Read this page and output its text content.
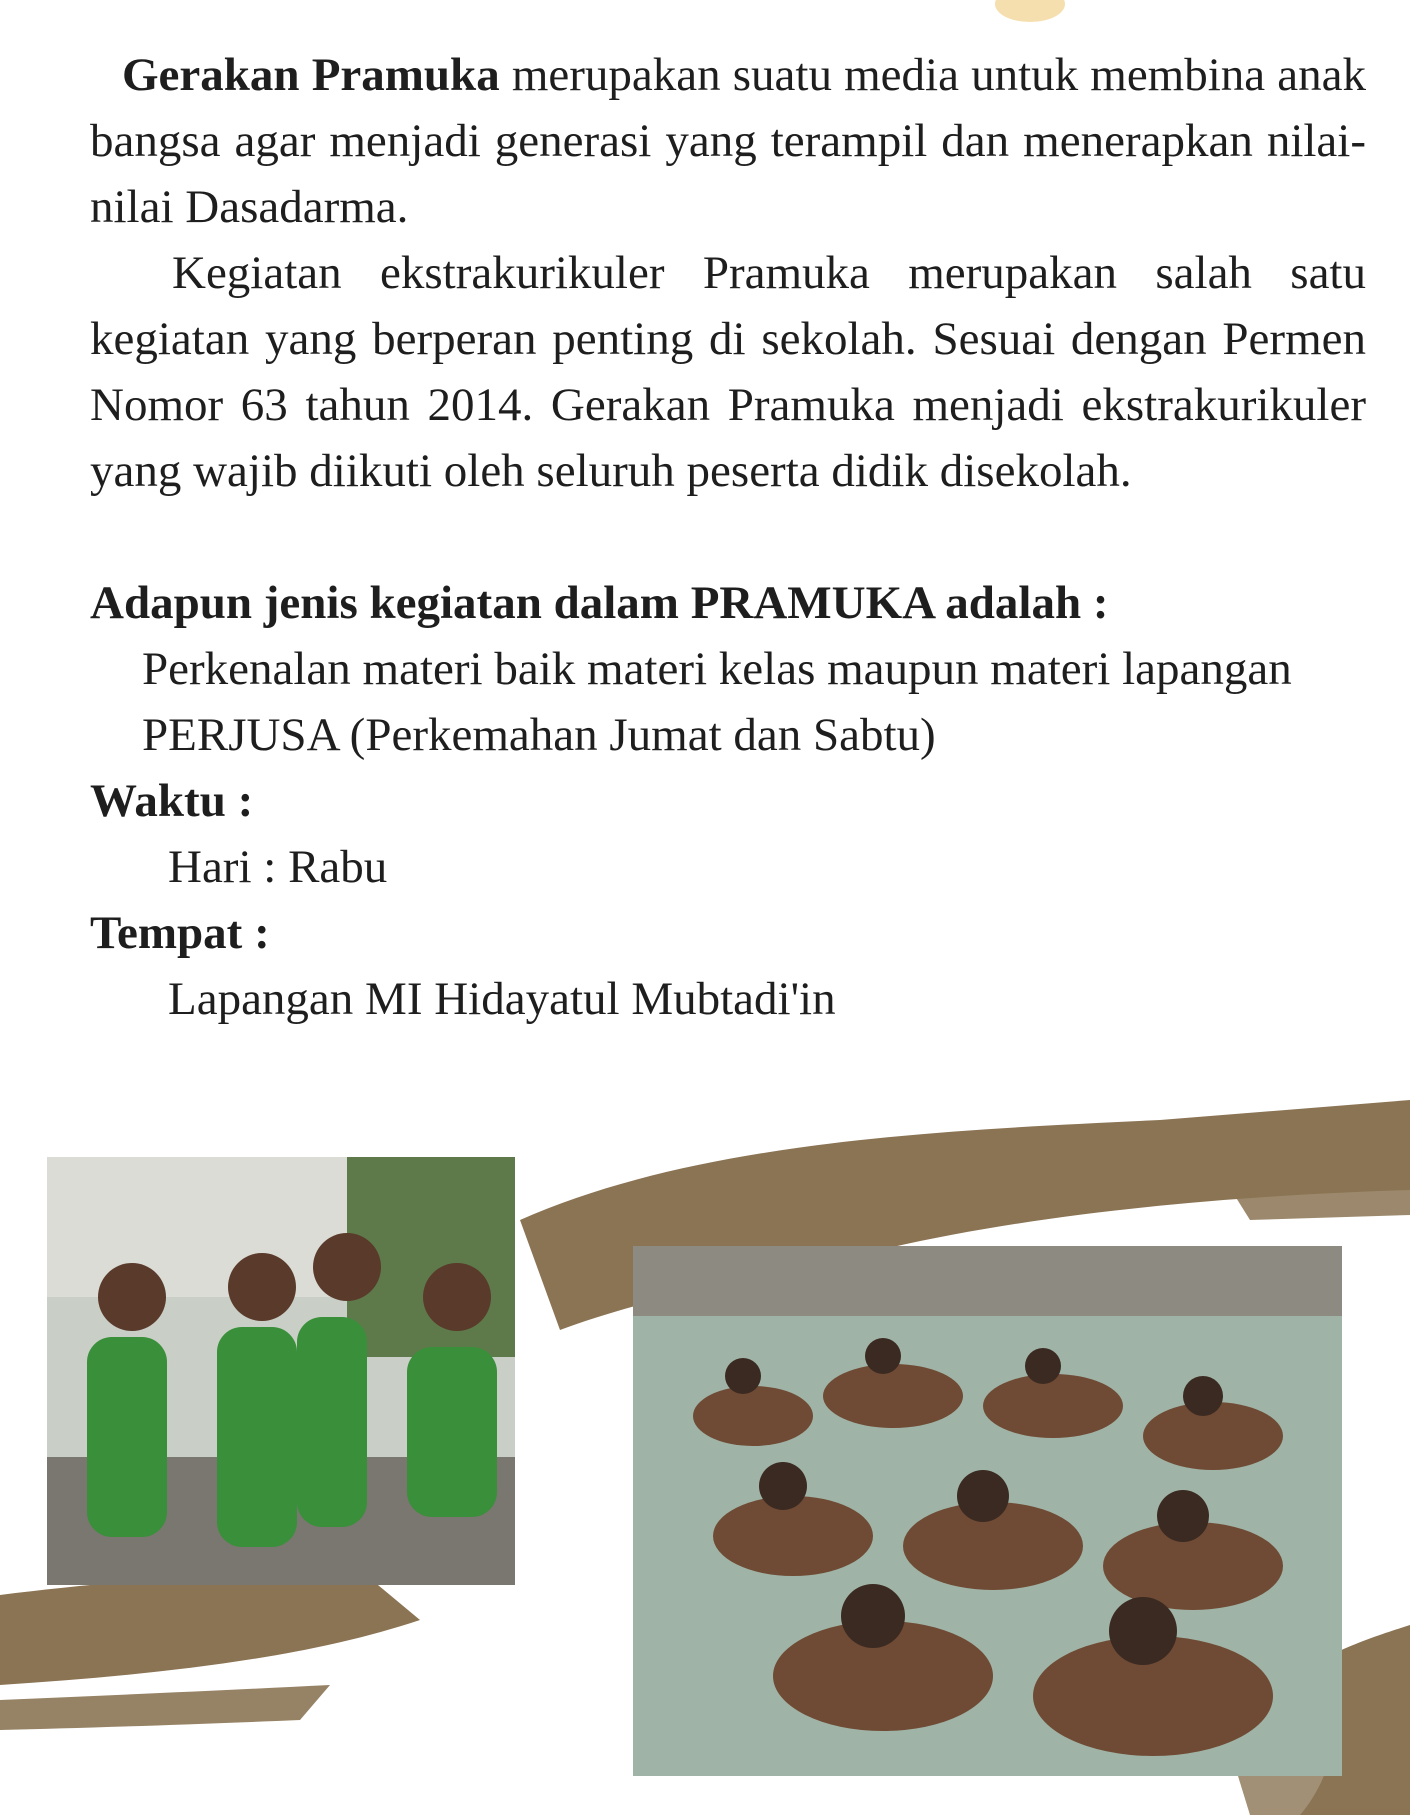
Gerakan Pramuka merupakan suatu media untuk membina anak bangsa agar menjadi generasi yang terampil dan menerapkan nilai-nilai Dasadarma.

Kegiatan ekstrakurikuler Pramuka merupakan salah satu kegiatan yang berperan penting di sekolah. Sesuai dengan Permen Nomor 63 tahun 2014. Gerakan Pramuka menjadi ekstrakurikuler yang wajib diikuti oleh seluruh peserta didik disekolah.

Adapun jenis kegiatan dalam PRAMUKA adalah :

Perkenalan materi baik materi kelas maupun materi lapangan

PERJUSA (Perkemahan Jumat dan Sabtu)

Waktu :

Hari : Rabu

Tempat :

Lapangan MI Hidayatul Mubtadi'in
